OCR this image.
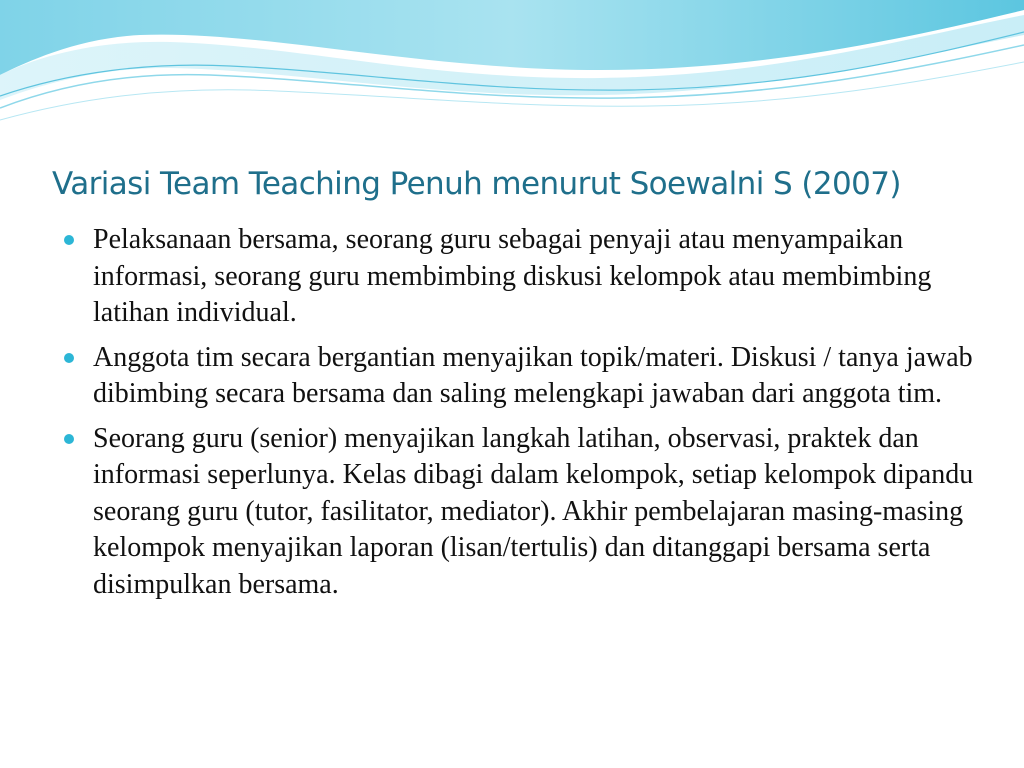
Variasi Team Teaching Penuh menurut Soewalni S (2007)
Pelaksanaan bersama, seorang guru sebagai penyaji atau menyampaikan informasi, seorang guru membimbing diskusi kelompok atau membimbing latihan individual.
Anggota tim secara bergantian menyajikan topik/materi. Diskusi / tanya jawab dibimbing secara bersama dan saling melengkapi jawaban dari anggota tim.
Seorang guru (senior) menyajikan langkah latihan, observasi, praktek dan informasi seperlunya. Kelas dibagi dalam kelompok, setiap kelompok dipandu seorang guru (tutor, fasilitator, mediator). Akhir pembelajaran masing-masing kelompok menyajikan laporan (lisan/tertulis) dan ditanggapi bersama serta disimpulkan bersama.
